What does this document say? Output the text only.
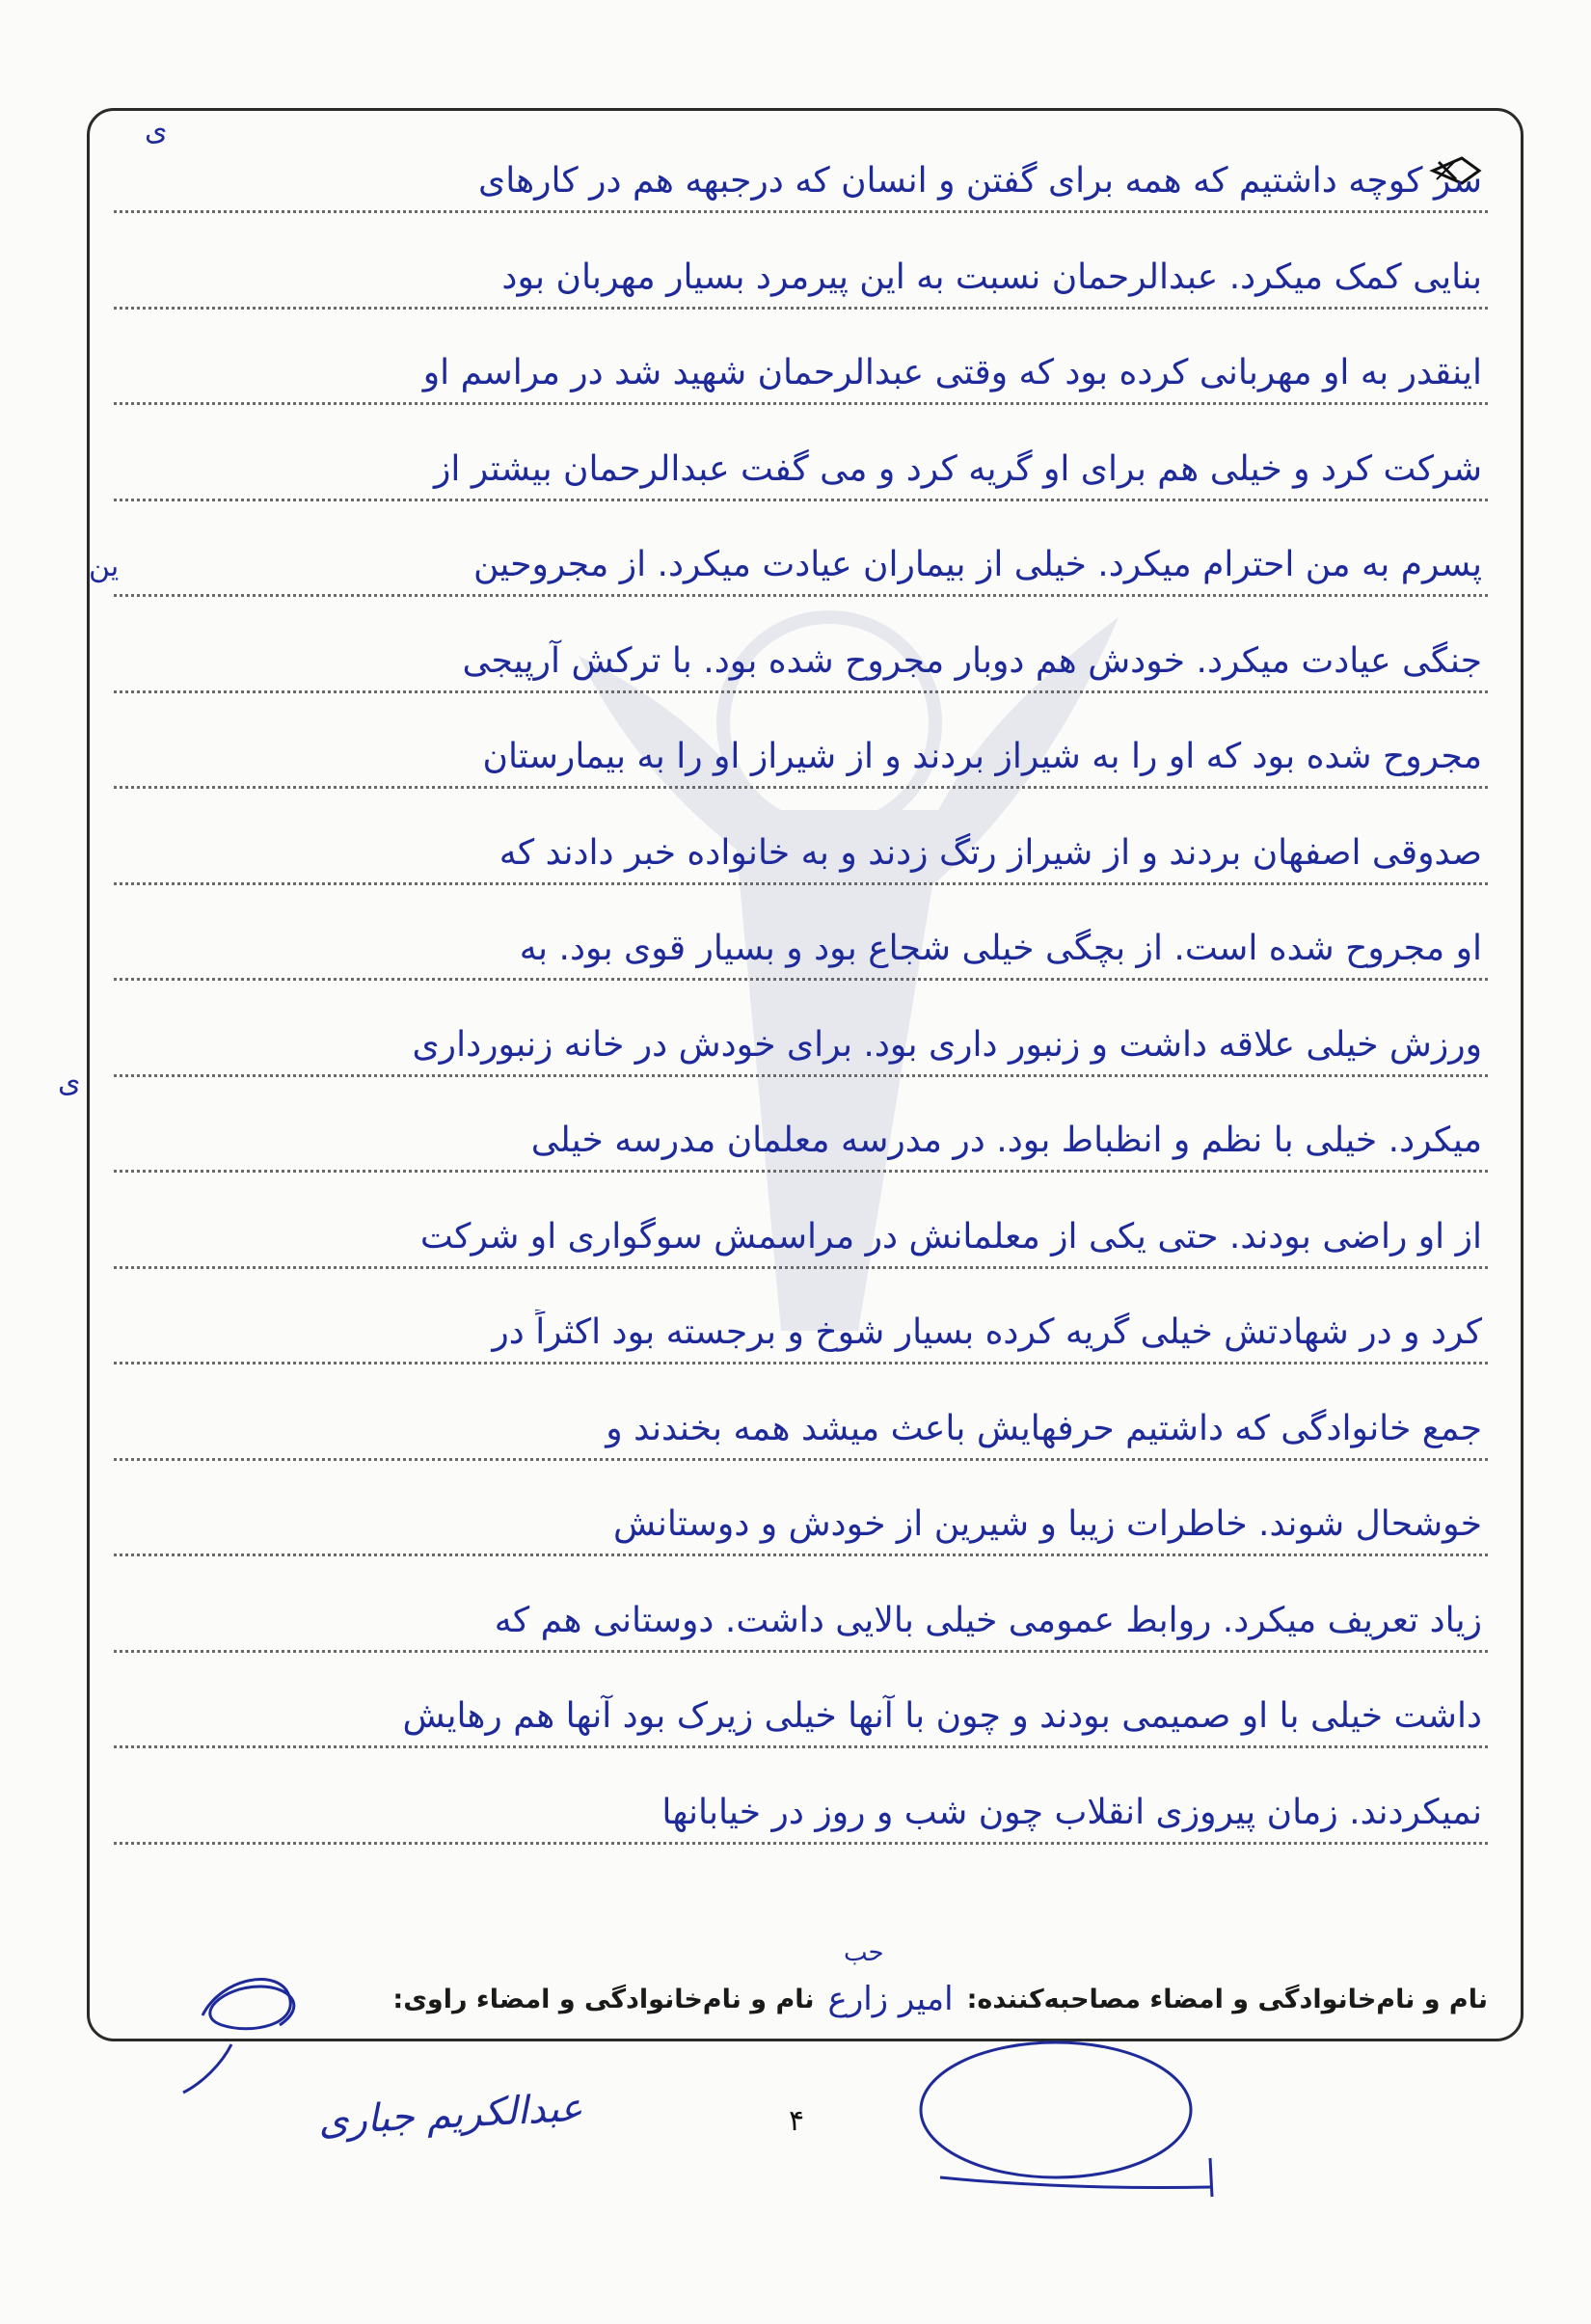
سر کوچه داشتیم که همه برای گفتن و انسان که درجبهه هم در کارهای
بنایی کمک میکرد. عبدالرحمان نسبت به این پیرمرد بسیار مهربان بود
اینقدر به او مهربانی کرده بود که وقتی عبدالرحمان شهید شد در مراسم او
شرکت کرد و خیلی هم برای او گریه کرد و می گفت عبدالرحمان بیشتر از
پسرم به من احترام میکرد. خیلی از بیماران عیادت میکرد. از مجروحین
جنگی عیادت میکرد. خودش هم دوبار مجروح شده بود. با ترکش آرپیجی
مجروح شده بود که او را به شیراز بردند و از شیراز او را به بیمارستان
صدوقی اصفهان بردند و از شیراز رتگ زدند و به خانواده خبر دادند که
او مجروح شده است. از بچگی خیلی شجاع بود و بسیار قوی بود. به
ورزش خیلی علاقه داشت و زنبور داری بود. برای خودش در خانه زنبورداری
میکرد. خیلی با نظم و انظباط بود. در مدرسه معلمان مدرسه خیلی
از او راضی بودند. حتی یکی از معلمانش در مراسمش سوگواری او شرکت
کرد و در شهادتش خیلی گریه کرده بسیار شوخ و برجسته بود اکثراً در
جمع خانوادگی که داشتیم حرفهایش باعث میشد همه بخندند و
خوشحال شوند. خاطرات زیبا و شیرین از خودش و دوستانش
زیاد تعریف میکرد. روابط عمومی خیلی بالایی داشت. دوستانی هم که
داشت خیلی با او صمیمی بودند و چون با آنها خیلی زیرک بود آنها هم رهایش
نمیکردند. زمان پیروزی انقلاب چون شب و روز در خیابانها
ی
ین
ی
نام و نام‌خانوادگی و امضاء مصاحبه‌کننده:
امیر زارع
نام و نام‌خانوادگی و امضاء راوی:
حب
عبدالکریم جباری	۴
